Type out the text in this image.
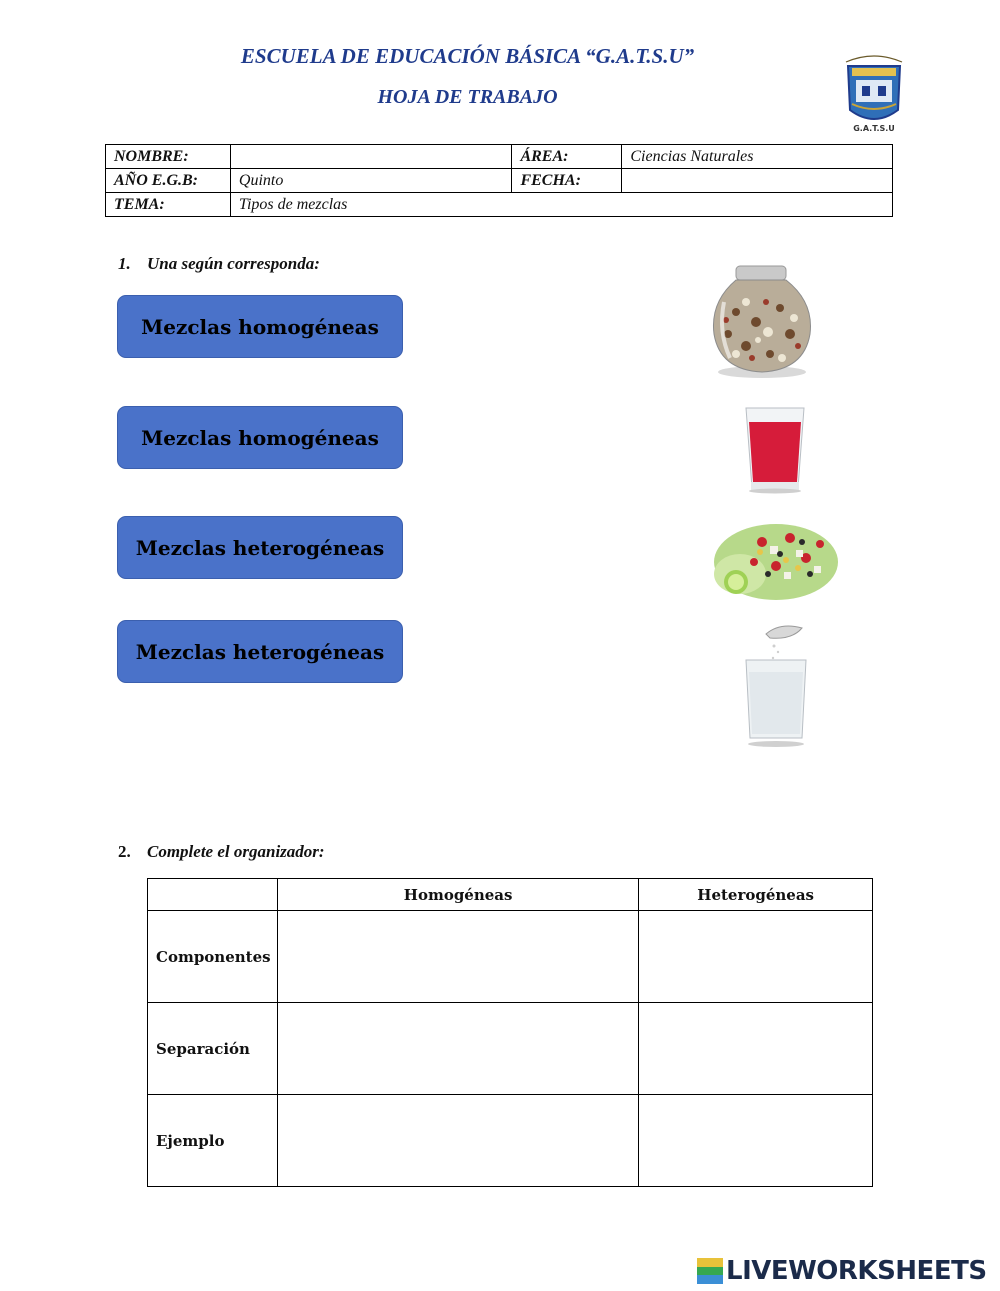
ESCUELA DE EDUCACIÓN BÁSICA “G.A.T.S.U”
HOJA DE TRABAJO
G.A.T.S.U
NOMBRE:		ÁREA:	Ciencias Naturales
AÑO E.G.B:	Quinto	FECHA:	
TEMA:	Tipos de mezclas		
1. Una según corresponda:
Mezclas homogéneas
Mezclas homogéneas
Mezclas heterogéneas
Mezclas heterogéneas
2. Complete el organizador:
	Homogéneas	Heterogéneas
Componentes		
Separación		
Ejemplo		
LIVEWORKSHEETS
